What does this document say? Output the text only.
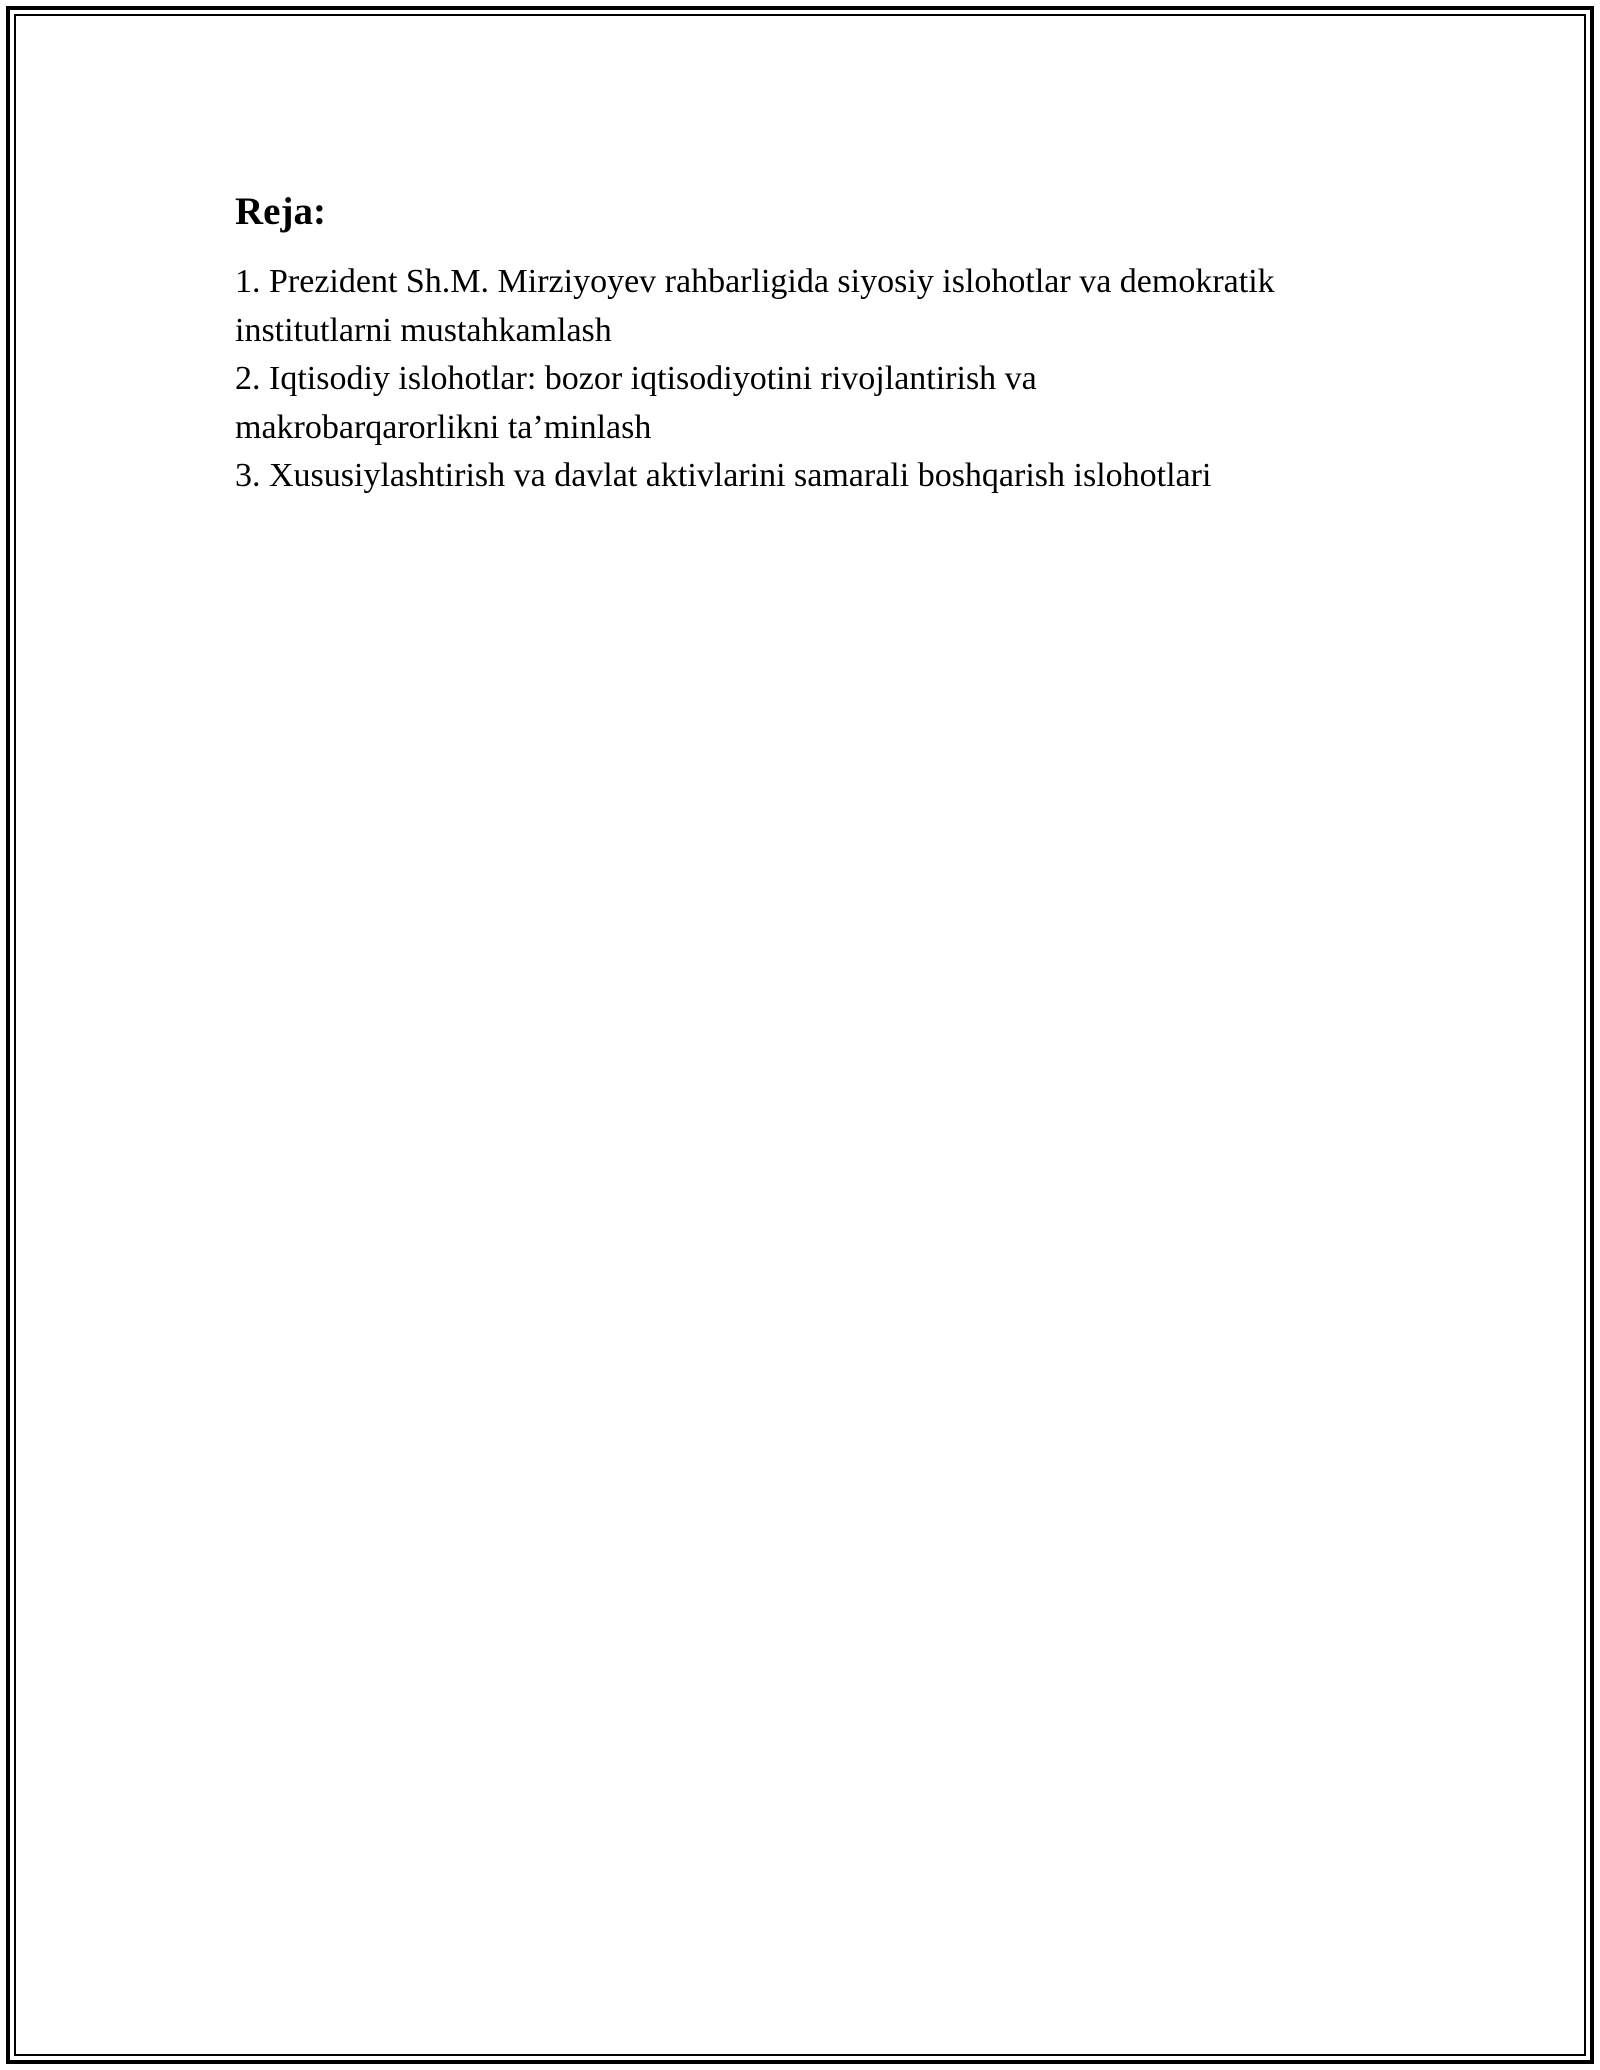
Reja:
1. Prezident Sh.M. Mirziyoyev rahbarligida siyosiy islohotlar va demokratik
institutlarni mustahkamlash
2. Iqtisodiy islohotlar: bozor iqtisodiyotini rivojlantirish va
makrobarqarorlikni ta’minlash
3. Xususiylashtirish va davlat aktivlarini samarali boshqarish islohotlari
